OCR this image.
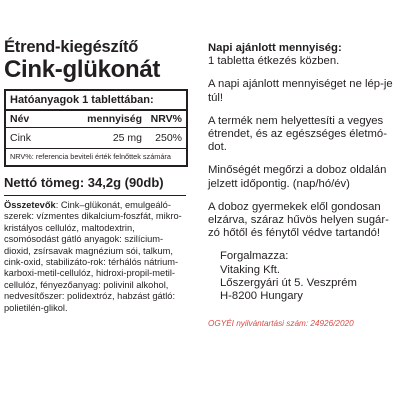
Étrend-kiegészítő
Cink-glükonát
Hatóanyagok 1 tablettában:
Név	mennyiség NRV%
Cink	25 mg	250%
NRV%: referencia beviteli érték felnőttek számára
Nettó tömeg: 34,2g (90db)
Összetevők: Cink–glükonát, emulgeáló-szerek: vízmentes dikalcium-foszfát, mikro-kristályos cellulóz, maltodextrin, csomósodást gátló anyagok: szilícium-dioxid, zsírsavak magnézium sói, talkum, cink-oxid, stabilizáto-rok: térhálós nátrium-karboxi-metil-cellulóz, hidroxi-propil-metil-cellulóz, fényezőanyag: polivinil alkohol, nedvesítőszer: polidextróz, habzást gátló: polietilén-glikol.
Napi ajánlott mennyiség:
1 tabletta étkezés közben.
A napi ajánlott mennyiséget ne lép-je túl!
A termék nem helyettesíti a vegyes étrendet, és az egészséges életmó-dot.
Minőségét megőrzi a doboz oldalán jelzett időpontig. (nap/hó/év)
A doboz gyermekek elől gondosan elzárva, száraz hűvös helyen sugár-zó hőtől és fénytől védve tartandó!
Forgalmazza:
Vitaking Kft.
Lőszergyári út 5. Veszprém
H-8200 Hungary
OGYÉI nyilvántartási szám: 24926/2020
